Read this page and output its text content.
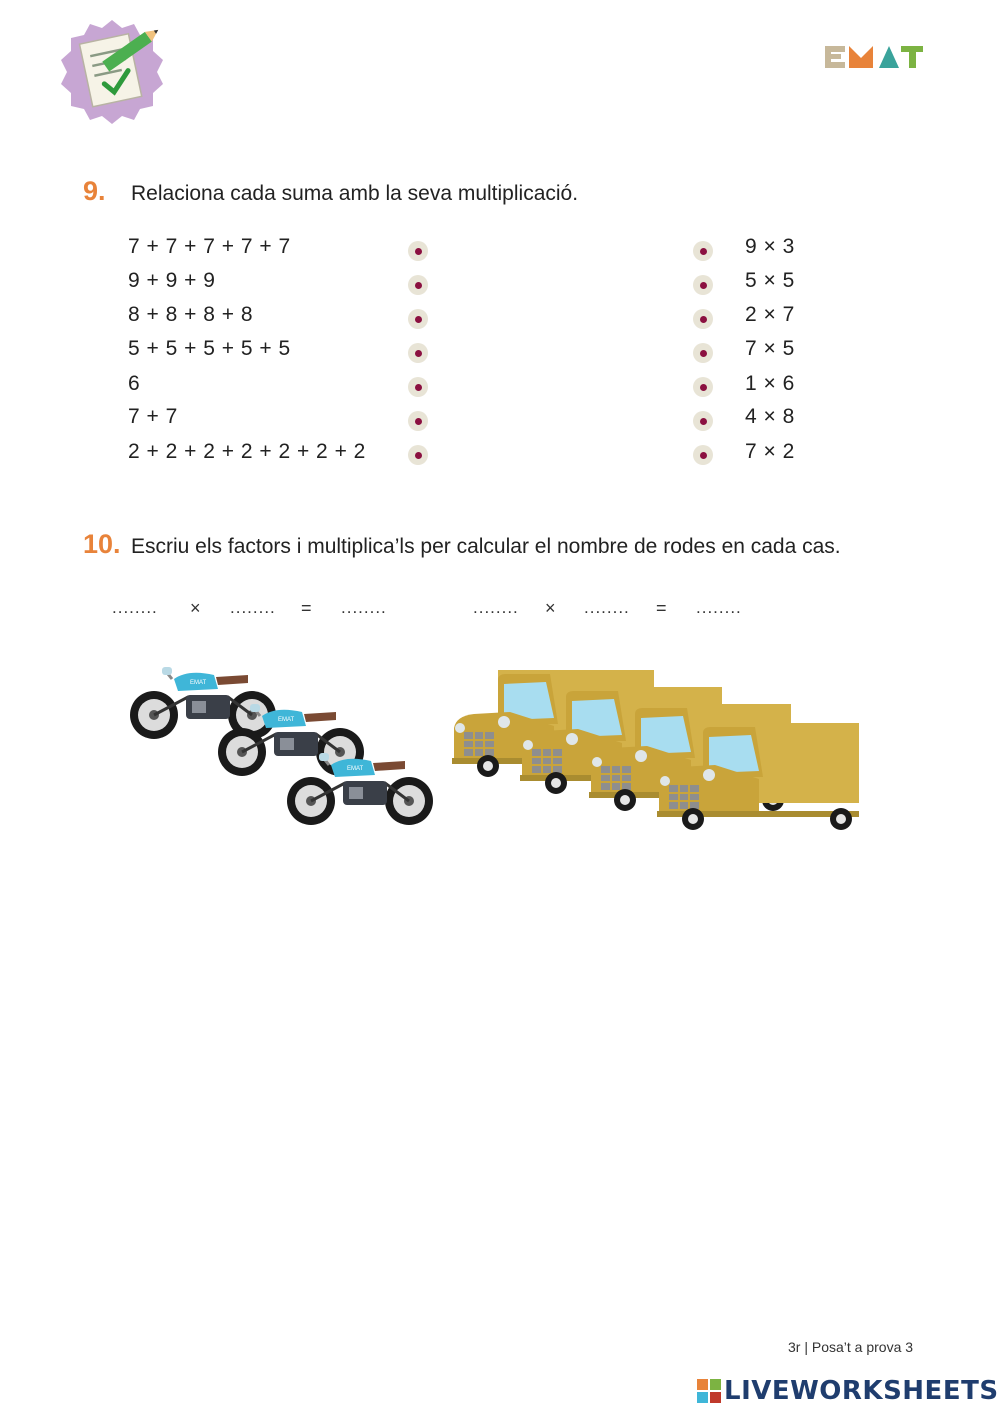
9. Relaciona cada suma amb la seva multiplicació.
7 + 7 + 7 + 7 + 7
9 + 9 + 9
8 + 8 + 8 + 8
5 + 5 + 5 + 5 + 5
6
7 + 7
2 + 2 + 2 + 2 + 2 + 2 + 2
9 × 3
5 × 5
2 × 7
7 × 5
1 × 6
4 × 8
7 × 2
10. Escriu els factors i multiplica’ls per calcular el nombre de rodes en cada cas.
........ × ........ = ........	........ × ........ = ........
3r | Posa’t a prova 3
LIVEWORKSHEETS
